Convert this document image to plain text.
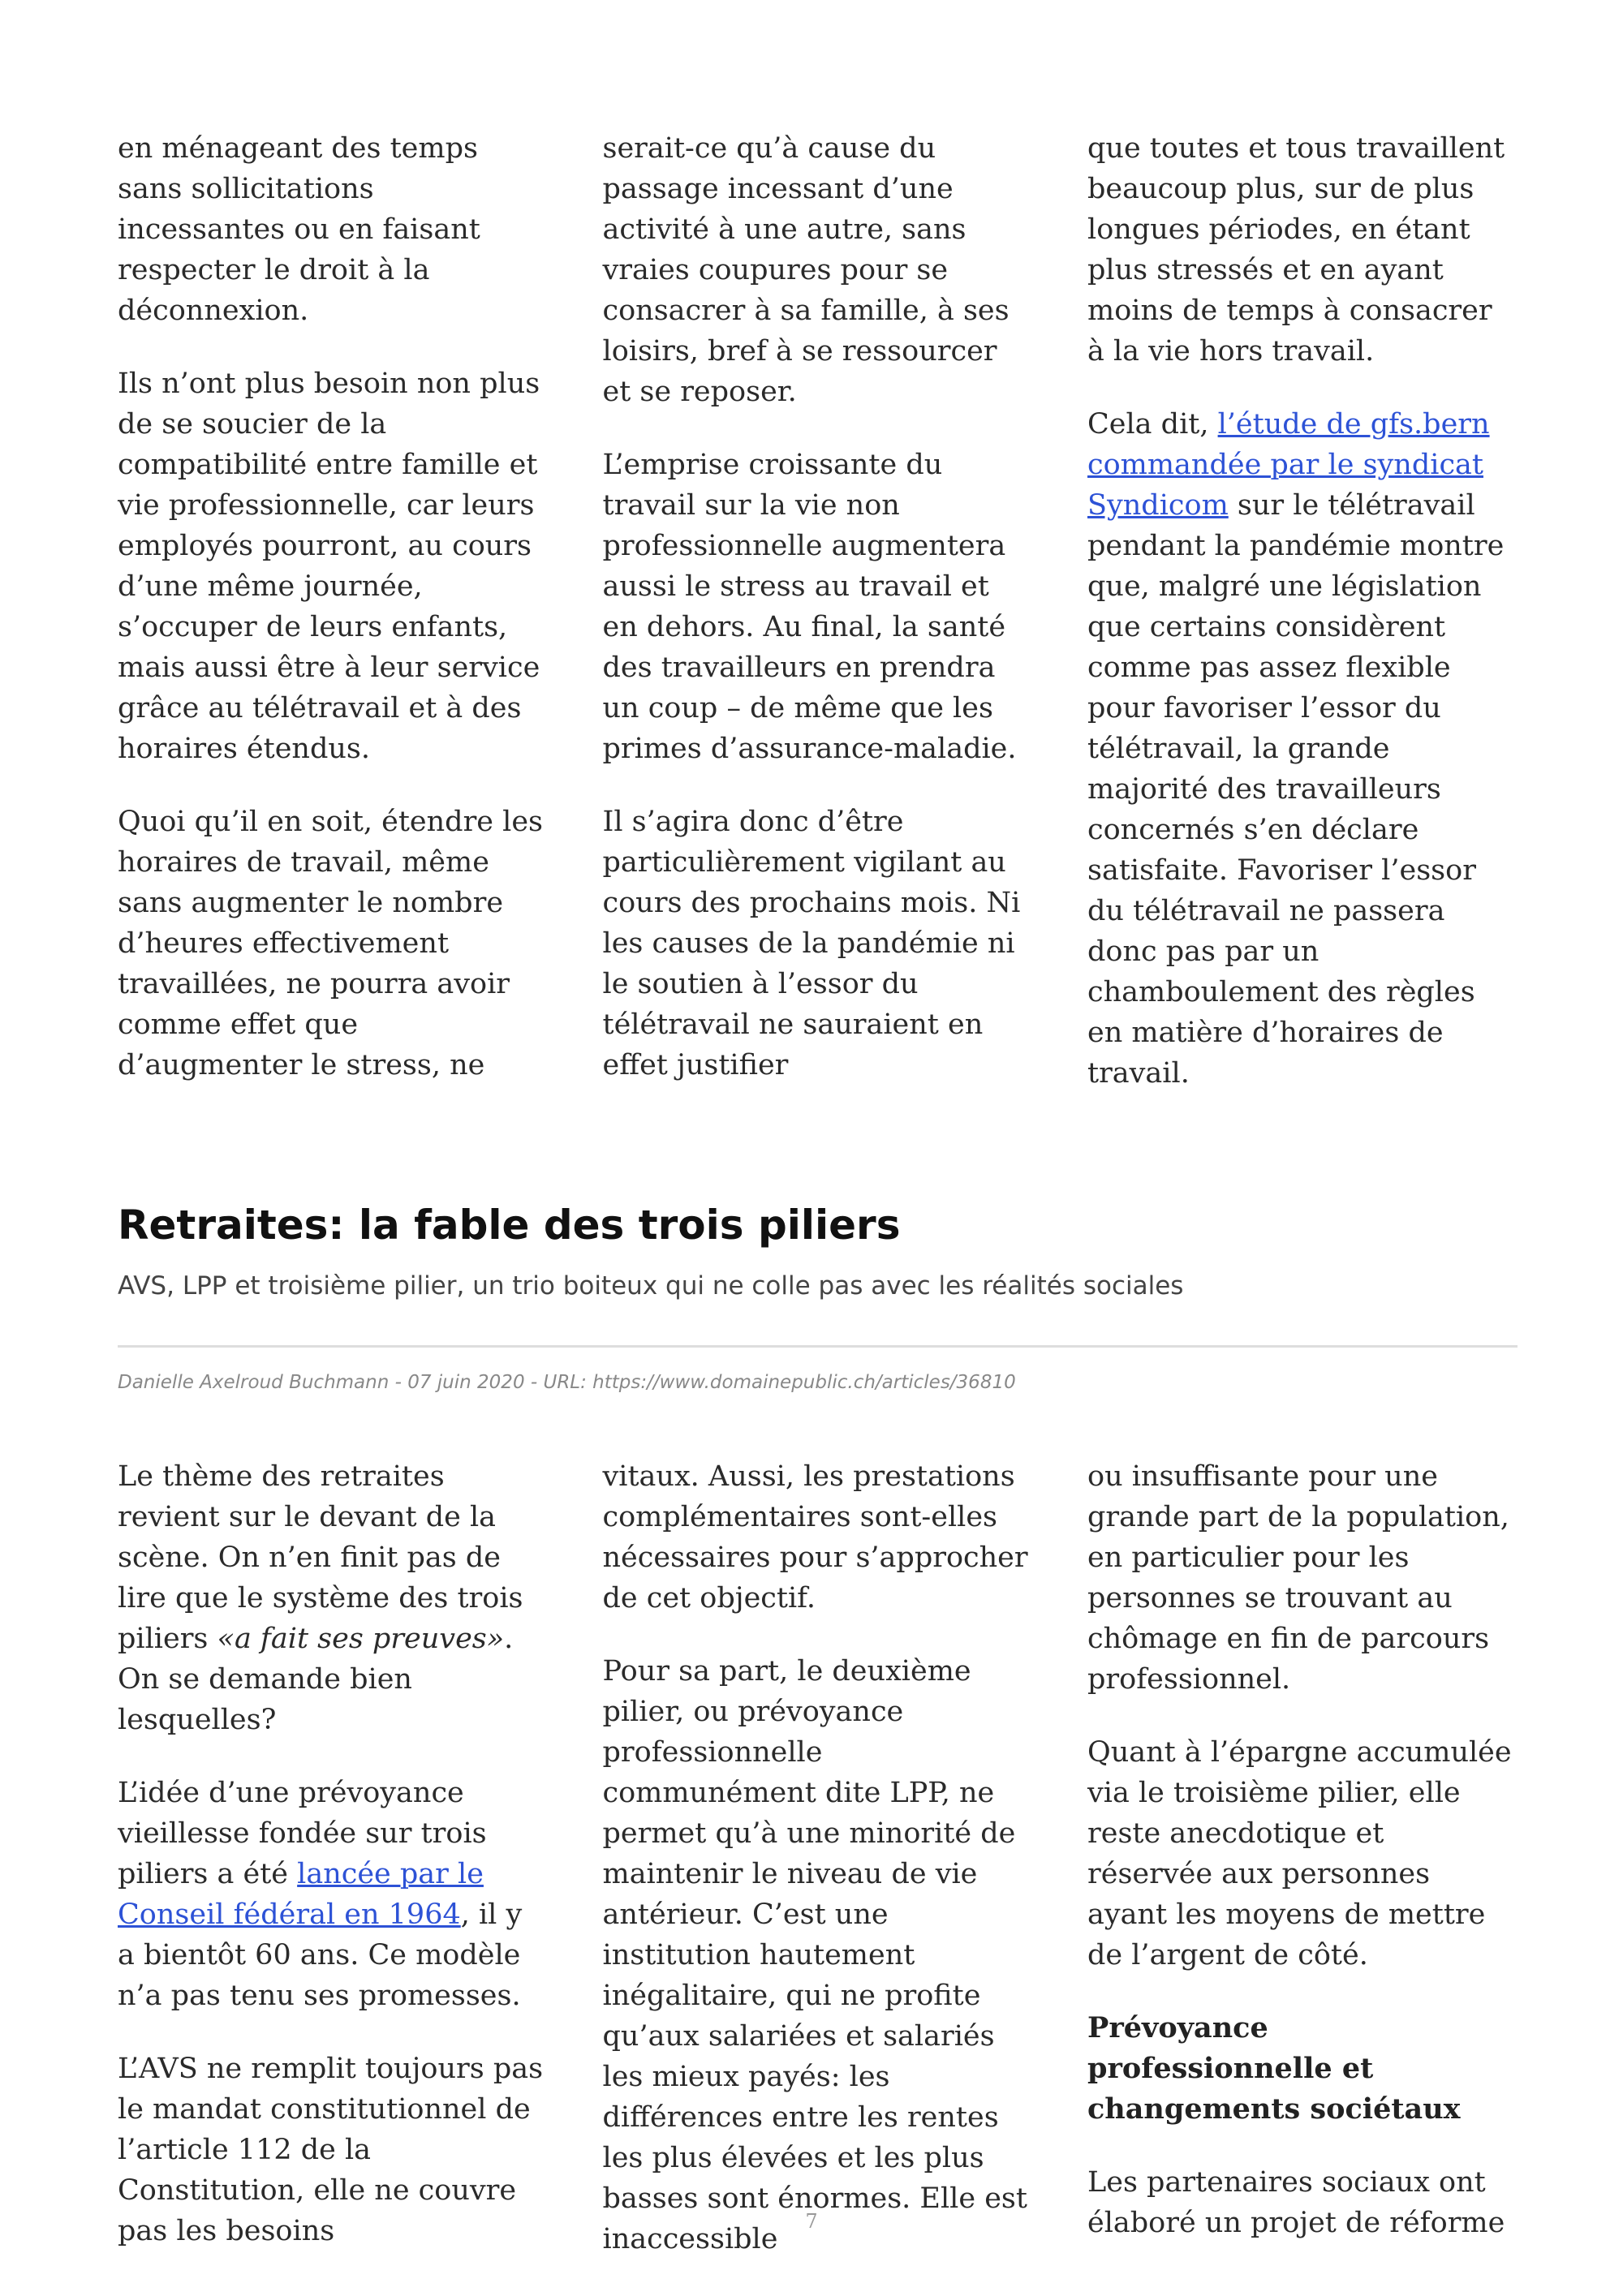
en ménageant des temps sans sollicitations incessantes ou en faisant respecter le droit à la déconnexion.

Ils n’ont plus besoin non plus de se soucier de la compatibilité entre famille et vie professionnelle, car leurs employés pourront, au cours d’une même journée, s’occuper de leurs enfants, mais aussi être à leur service grâce au télétravail et à des horaires étendus.

Quoi qu’il en soit, étendre les horaires de travail, même sans augmenter le nombre d’heures effectivement travaillées, ne pourra avoir comme effet que d’augmenter le stress, ne

serait-ce qu’à cause du passage incessant d’une activité à une autre, sans vraies coupures pour se consacrer à sa famille, à ses loisirs, bref à se ressourcer et se reposer.

L’emprise croissante du travail sur la vie non professionnelle augmentera aussi le stress au travail et en dehors. Au final, la santé des travailleurs en prendra un coup – de même que les primes d’assurance-maladie.

Il s’agira donc d’être particulièrement vigilant au cours des prochains mois. Ni les causes de la pandémie ni le soutien à l’essor du télétravail ne sauraient en effet justifier

que toutes et tous travaillent beaucoup plus, sur de plus longues périodes, en étant plus stressés et en ayant moins de temps à consacrer à la vie hors travail.

Cela dit, l’étude de gfs.bern commandée par le syndicat Syndicom sur le télétravail pendant la pandémie montre que, malgré une législation que certains considèrent comme pas assez flexible pour favoriser l’essor du télétravail, la grande majorité des travailleurs concernés s’en déclare satisfaite. Favoriser l’essor du télétravail ne passera donc pas par un chamboulement des règles en matière d’horaires de travail.

Retraites: la fable des trois piliers

AVS, LPP et troisième pilier, un trio boiteux qui ne colle pas avec les réalités sociales

Danielle Axelroud Buchmann - 07 juin 2020 - URL: https://www.domainepublic.ch/articles/36810

Le thème des retraites revient sur le devant de la scène. On n’en finit pas de lire que le système des trois piliers «a fait ses preuves». On se demande bien lesquelles?

L’idée d’une prévoyance vieillesse fondée sur trois piliers a été lancée par le Conseil fédéral en 1964, il y a bientôt 60 ans. Ce modèle n’a pas tenu ses promesses.

L’AVS ne remplit toujours pas le mandat constitutionnel de l’article 112 de la Constitution, elle ne couvre pas les besoins

vitaux. Aussi, les prestations complémentaires sont-elles nécessaires pour s’approcher de cet objectif.

Pour sa part, le deuxième pilier, ou prévoyance professionnelle communément dite LPP, ne permet qu’à une minorité de maintenir le niveau de vie antérieur. C’est une institution hautement inégalitaire, qui ne profite qu’aux salariées et salariés les mieux payés: les différences entre les rentes les plus élevées et les plus basses sont énormes. Elle est inaccessible

ou insuffisante pour une grande part de la population, en particulier pour les personnes se trouvant au chômage en fin de parcours professionnel.

Quant à l’épargne accumulée via le troisième pilier, elle reste anecdotique et réservée aux personnes ayant les moyens de mettre de l’argent de côté.

Prévoyance professionnelle et changements sociétaux

Les partenaires sociaux ont élaboré un projet de réforme

7
